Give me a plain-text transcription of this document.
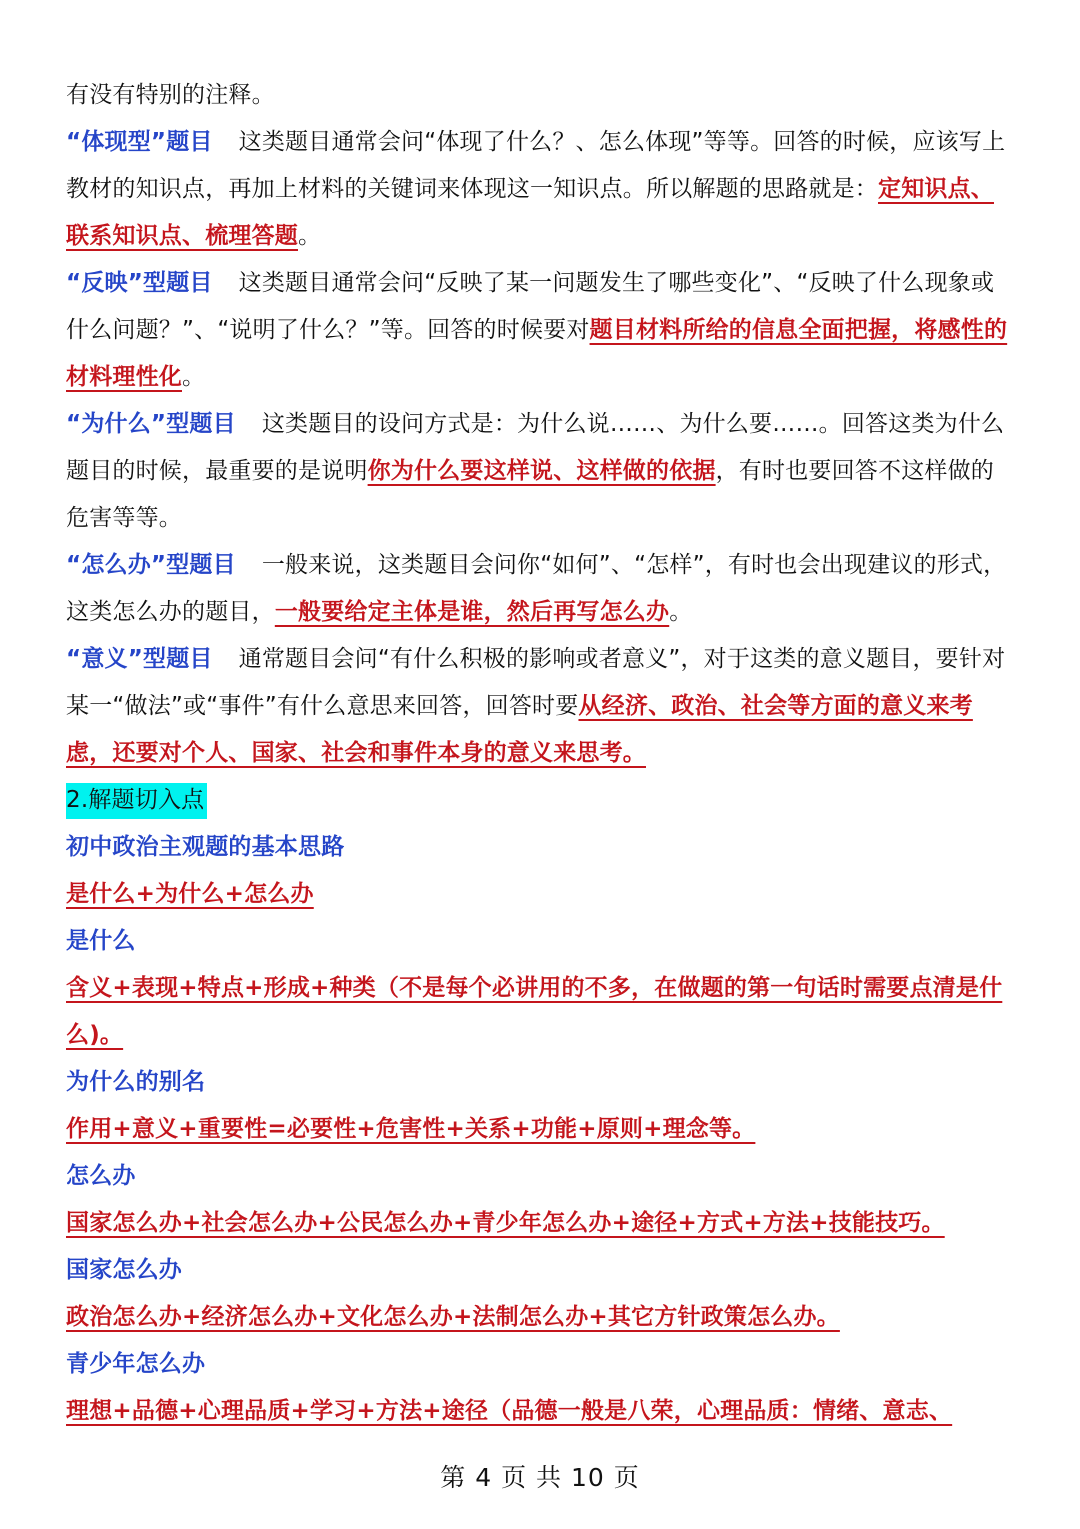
有没有特别的注释。

“体现型”题目 这类题目通常会问“体现了什么？、怎么体现”等等。回答的时候，应该写上教材的知识点，再加上材料的关键词来体现这一知识点。所以解题的思路就是：定知识点、联系知识点、梳理答题。

“反映”型题目 这类题目通常会问“反映了某一问题发生了哪些变化”、“反映了什么现象或什么问题？”、“说明了什么？”等。回答的时候要对题目材料所给的信息全面把握，将感性的材料理性化。

“为什么”型题目 这类题目的设问方式是：为什么说……、为什么要……。回答这类为什么题目的时候，最重要的是说明你为什么要这样说、这样做的依据，有时也要回答不这样做的危害等等。

“怎么办”型题目 一般来说，这类题目会问你“如何”、“怎样”，有时也会出现建议的形式，这类怎么办的题目，一般要给定主体是谁，然后再写怎么办。

“意义”型题目 通常题目会问“有什么积极的影响或者意义”，对于这类的意义题目，要针对某一“做法”或“事件”有什么意思来回答，回答时要从经济、政治、社会等方面的意义来考虑，还要对个人、国家、社会和事件本身的意义来思考。

2.解题切入点

初中政治主观题的基本思路

是什么+为什么+怎么办

是什么

含义+表现+特点+形成+种类（不是每个必讲用的不多，在做题的第一句话时需要点清是什么)。

为什么的别名

作用+意义+重要性=必要性+危害性+关系+功能+原则+理念等。

怎么办

国家怎么办+社会怎么办+公民怎么办+青少年怎么办+途径+方式+方法+技能技巧。

国家怎么办

政治怎么办+经济怎么办+文化怎么办+法制怎么办+其它方针政策怎么办。

青少年怎么办

理想+品德+心理品质+学习+方法+途径（品德一般是八荣，心理品质：情绪、意志、

第 4 页 共 10 页
